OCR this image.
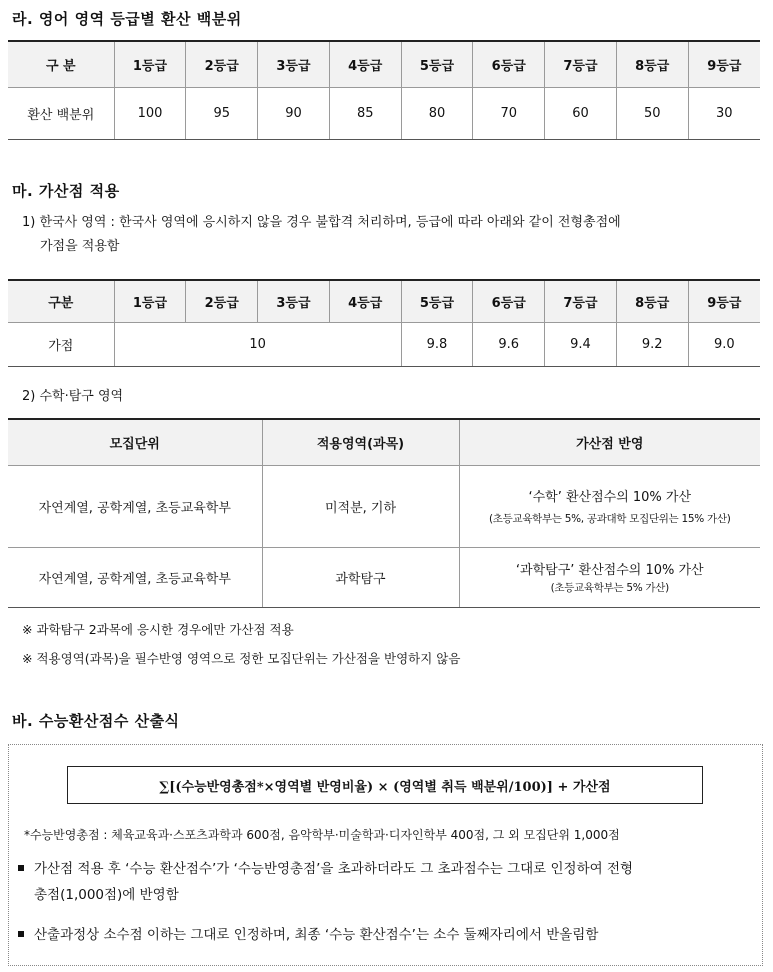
라. 영어 영역 등급별 환산 백분위
구 분	1등급	2등급	3등급	4등급	5등급	6등급	7등급	8등급	9등급
환산 백분위	100	95	90	85	80	70	60	50	30
마. 가산점 적용
1) 한국사 영역 : 한국사 영역에 응시하지 않을 경우 불합격 처리하며, 등급에 따라 아래와 같이 전형총점에
가점을 적용함
구분	1등급	2등급	3등급	4등급	5등급	6등급	7등급	8등급	9등급
가점	10				9.8	9.6	9.4	9.2	9.0
2) 수학·탐구 영역
모집단위	적용영역(과목)	가산점 반영
자연계열, 공학계열, 초등교육학부	미적분, 기하	‘수학’ 환산점수의 10% 가산
(초등교육학부는 5%, 공과대학 모집단위는 15% 가산)

자연계열, 공학계열, 초등교육학부	과학탐구	‘과학탐구’ 환산점수의 10% 가산
(초등교육학부는 5% 가산)
※ 과학탐구 2과목에 응시한 경우에만 가산점 적용
※ 적용영역(과목)을 필수반영 영역으로 정한 모집단위는 가산점을 반영하지 않음
바. 수능환산점수 산출식
∑[(수능반영총점*×영역별 반영비율) × (영역별 취득 백분위/100)] + 가산점
*수능반영총점 : 체육교육과·스포츠과학과 600점, 음악학부·미술학과·디자인학부 400점, 그 외 모집단위 1,000점
가산점 적용 후 ‘수능 환산점수’가 ‘수능반영총점’을 초과하더라도 그 초과점수는 그대로 인정하여 전형
총점(1,000점)에 반영함
산출과정상 소수점 이하는 그대로 인정하며, 최종 ‘수능 환산점수’는 소수 둘째자리에서 반올림함
